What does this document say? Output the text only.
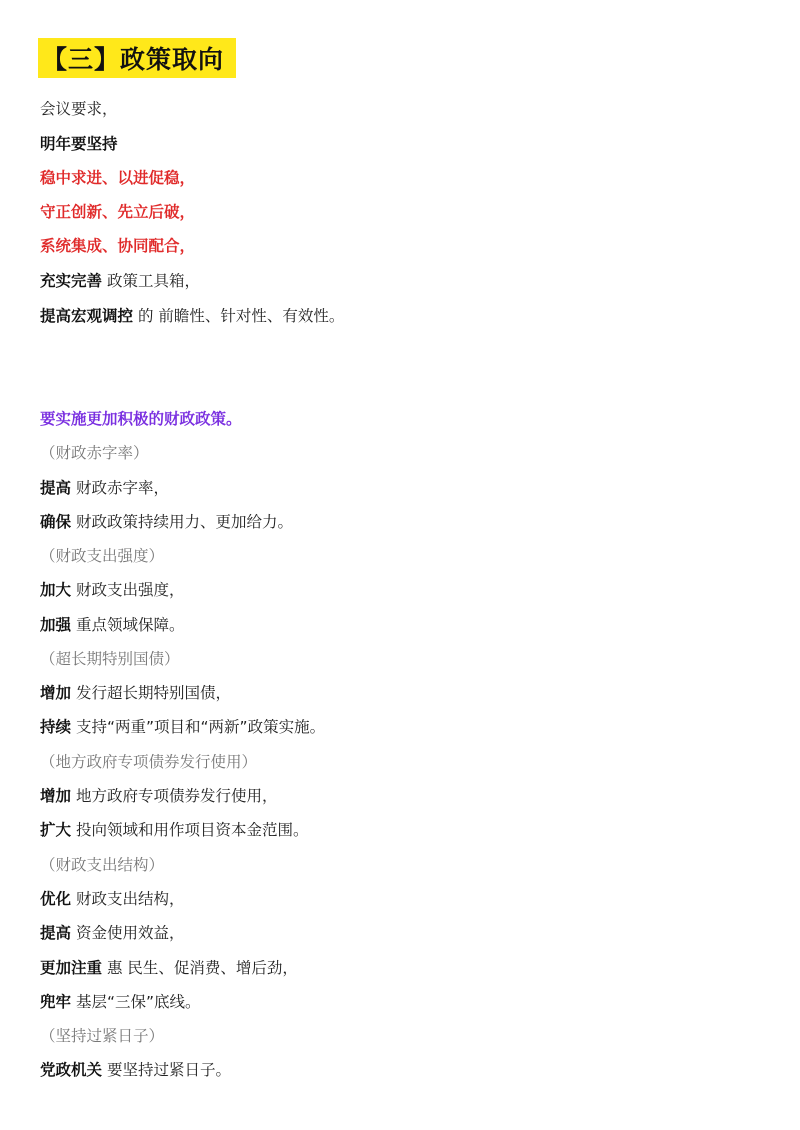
【三】政策取向
会议要求，
明年要坚持
稳中求进、以进促稳，
守正创新、先立后破，
系统集成、协同配合，
充实完善 政策工具箱，
提高宏观调控 的 前瞻性、针对性、有效性。
要实施更加积极的财政政策。
（财政赤字率）
提高 财政赤字率，
确保 财政政策持续用力、更加给力。
（财政支出强度）
加大 财政支出强度，
加强 重点领域保障。
（超长期特别国债）
增加 发行超长期特别国债，
持续 支持“两重”项目和“两新”政策实施。
（地方政府专项债券发行使用）
增加 地方政府专项债券发行使用，
扩大 投向领域和用作项目资本金范围。
（财政支出结构）
优化 财政支出结构，
提高 资金使用效益，
更加注重 惠 民生、促消费、增后劲，
兜牢 基层“三保”底线。
（坚持过紧日子）
党政机关 要坚持过紧日子。
